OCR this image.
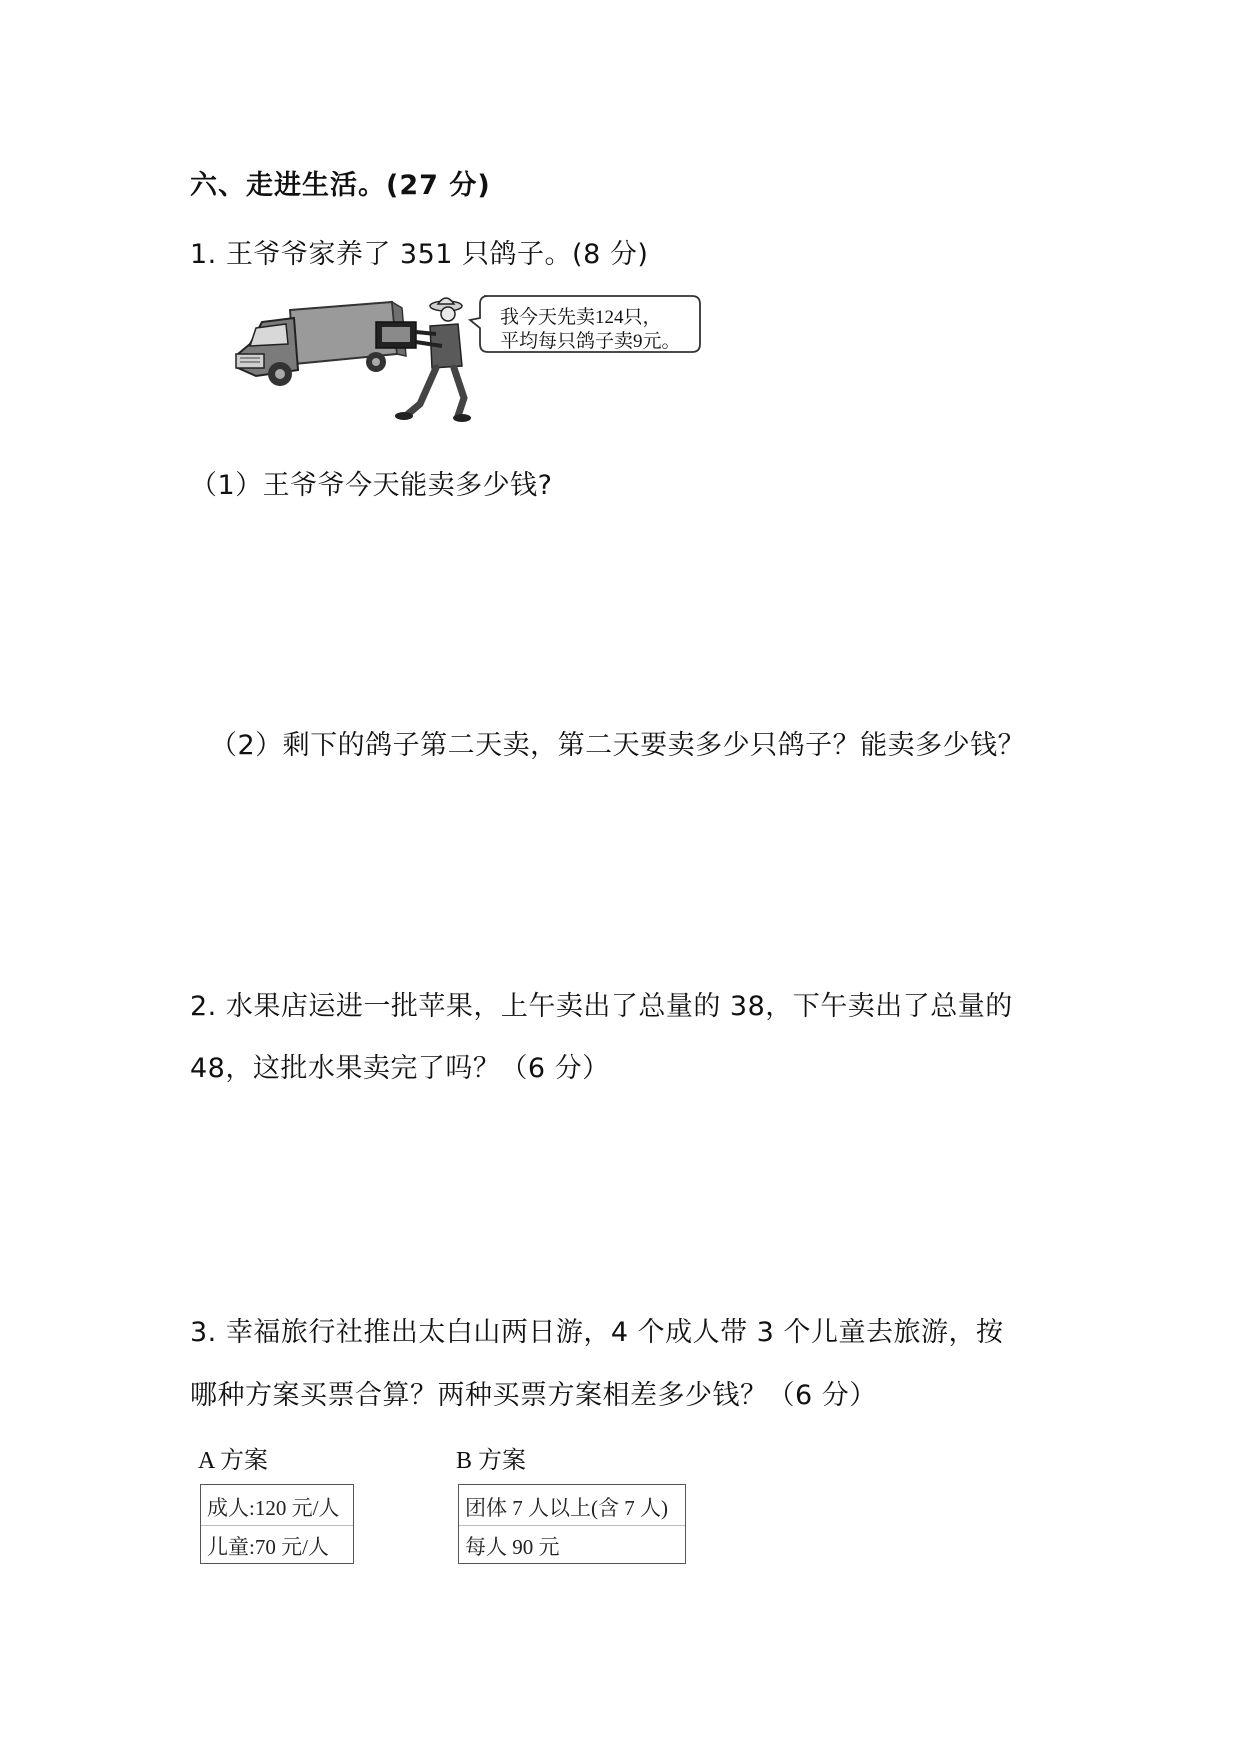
六、走进生活。(27 分)
1. 王爷爷家养了 351 只鸽子。(8 分)
我今天先卖124只，
平均每只鸽子卖9元。
（1）王爷爷今天能卖多少钱?
（2）剩下的鸽子第二天卖，第二天要卖多少只鸽子？能卖多少钱？
2. 水果店运进一批苹果，上午卖出了总量的 38，下午卖出了总量的
48，这批水果卖完了吗？（6 分）
3. 幸福旅行社推出太白山两日游，4 个成人带 3 个儿童去旅游，按
哪种方案买票合算？两种买票方案相差多少钱？（6 分）
A 方案
成人:120 元/人
儿童:70 元/人
B 方案
团体 7 人以上(含 7 人)
每人 90 元
